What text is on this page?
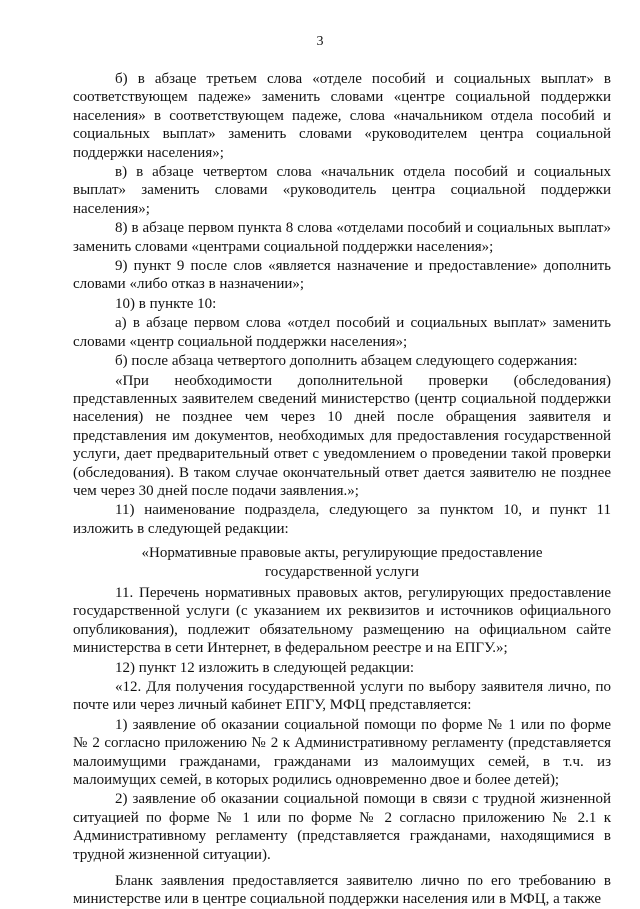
3

б) в абзаце третьем слова «отделе пособий и социальных выплат» в соответствующем падеже» заменить словами «центре социальной поддержки населения» в соответствующем падеже, слова «начальником отдела пособий и социальных выплат» заменить словами «руководителем центра социальной поддержки населения»;

в) в абзаце четвертом слова «начальник отдела пособий и социальных выплат» заменить словами «руководитель центра социальной поддержки населения»;

8) в абзаце первом пункта 8 слова «отделами пособий и социальных выплат» заменить словами «центрами социальной поддержки населения»;

9) пункт 9 после слов «является назначение и предоставление» дополнить словами «либо отказ в назначении»;

10) в пункте 10:

а) в абзаце первом слова «отдел пособий и социальных выплат» заменить словами «центр социальной поддержки населения»;

б) после абзаца четвертого дополнить абзацем следующего содержания:

«При необходимости дополнительной проверки (обследования) представленных заявителем сведений министерство (центр социальной поддержки населения) не позднее чем через 10 дней после обращения заявителя и представления им документов, необходимых для предоставления государственной услуги, дает предварительный ответ с уведомлением о проведении такой проверки (обследования). В таком случае окончательный ответ дается заявителю не позднее чем через 30 дней после подачи заявления.»;

11) наименование подраздела, следующего за пунктом 10, и пункт 11 изложить в следующей редакции:

«Нормативные правовые акты, регулирующие предоставление

государственной услуги

11. Перечень нормативных правовых актов, регулирующих предоставление государственной услуги (с указанием их реквизитов и источников официального опубликования), подлежит обязательному размещению на официальном сайте министерства в сети Интернет, в федеральном реестре и на ЕПГУ.»;

12) пункт 12 изложить в следующей редакции:

«12. Для получения государственной услуги по выбору заявителя лично, по почте или через личный кабинет ЕПГУ, МФЦ представляется:

1) заявление об оказании социальной помощи по форме № 1 или по форме № 2 согласно приложению № 2 к Административному регламенту (представляется малоимущими гражданами, гражданами из малоимущих семей, в т.ч. из малоимущих семей, в которых родились одновременно двое и более детей);

2) заявление об оказании социальной помощи в связи с трудной жизненной ситуацией по форме № 1 или по форме № 2 согласно приложению № 2.1 к Административному регламенту (представляется гражданами, находящимися в трудной жизненной ситуации).

Бланк заявления предоставляется заявителю лично по его требованию в министерстве или в центре социальной поддержки населения или в МФЦ, а также
